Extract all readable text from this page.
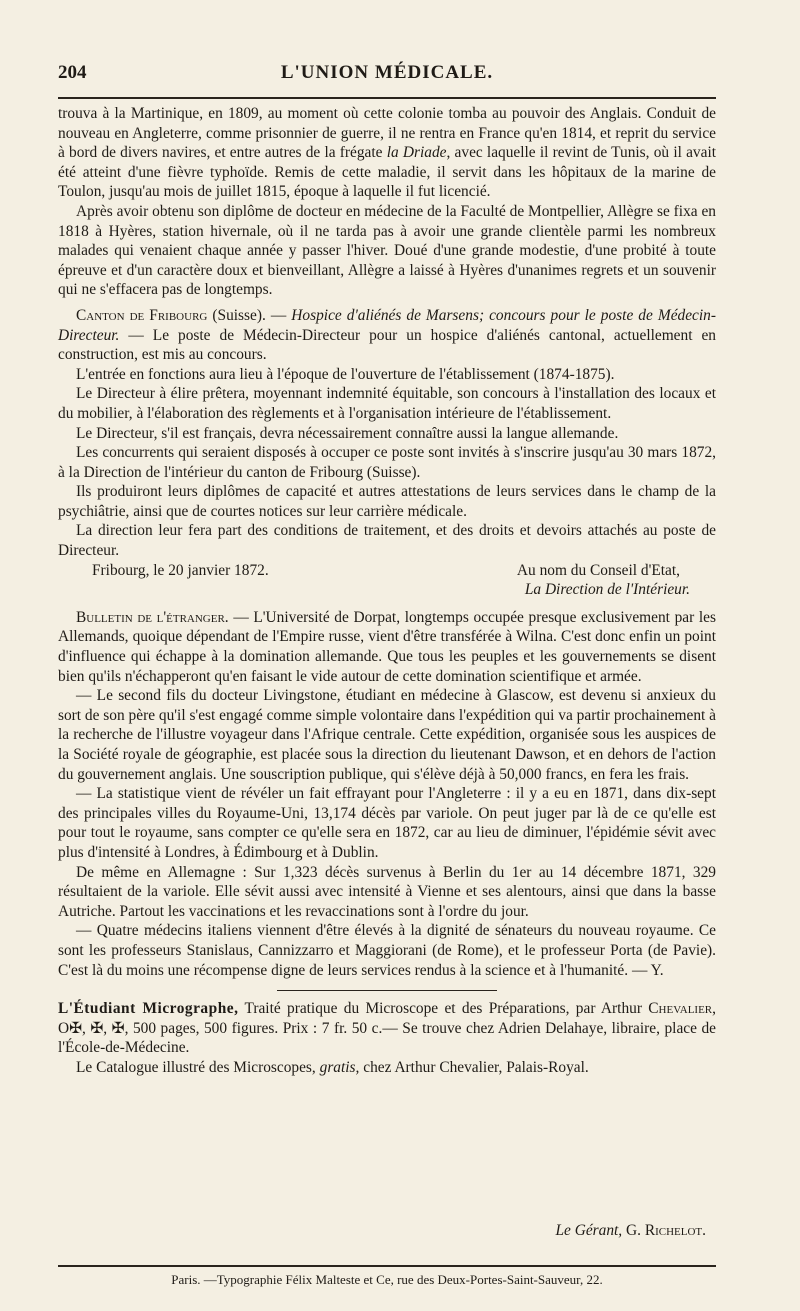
204	L'UNION MÉDICALE.

trouva à la Martinique, en 1809, au moment où cette colonie tomba au pouvoir des Anglais. Conduit de nouveau en Angleterre, comme prisonnier de guerre, il ne rentra en France qu'en 1814, et reprit du service à bord de divers navires, et entre autres de la frégate la Driade, avec laquelle il revint de Tunis, où il avait été atteint d'une fièvre typhoïde. Remis de cette maladie, il servit dans les hôpitaux de la marine de Toulon, jusqu'au mois de juillet 1815, époque à laquelle il fut licencié.

Après avoir obtenu son diplôme de docteur en médecine de la Faculté de Montpellier, Allègre se fixa en 1818 à Hyères, station hivernale, où il ne tarda pas à avoir une grande clientèle parmi les nombreux malades qui venaient chaque année y passer l'hiver. Doué d'une grande modestie, d'une probité à toute épreuve et d'un caractère doux et bienveillant, Allègre a laissé à Hyères d'unanimes regrets et un souvenir qui ne s'effacera pas de longtemps.

Canton de Fribourg (Suisse). — Hospice d'aliénés de Marsens; concours pour le poste de Médecin-Directeur. — Le poste de Médecin-Directeur pour un hospice d'aliénés cantonal, actuellement en construction, est mis au concours.

L'entrée en fonctions aura lieu à l'époque de l'ouverture de l'établissement (1874-1875).

Le Directeur à élire prêtera, moyennant indemnité équitable, son concours à l'installation des locaux et du mobilier, à l'élaboration des règlements et à l'organisation intérieure de l'établissement.

Le Directeur, s'il est français, devra nécessairement connaître aussi la langue allemande.

Les concurrents qui seraient disposés à occuper ce poste sont invités à s'inscrire jusqu'au 30 mars 1872, à la Direction de l'intérieur du canton de Fribourg (Suisse).

Ils produiront leurs diplômes de capacité et autres attestations de leurs services dans le champ de la psychiâtrie, ainsi que de courtes notices sur leur carrière médicale.

La direction leur fera part des conditions de traitement, et des droits et devoirs attachés au poste de Directeur.

Fribourg, le 20 janvier 1872.	Au nom du Conseil d'Etat,
La Direction de l'Intérieur.

Bulletin de l'étranger. — L'Université de Dorpat, longtemps occupée presque exclusivement par les Allemands, quoique dépendant de l'Empire russe, vient d'être transférée à Wilna. C'est donc enfin un point d'influence qui échappe à la domination allemande. Que tous les peuples et les gouvernements se disent bien qu'ils n'échapperont qu'en faisant le vide autour de cette domination scientifique et armée.

— Le second fils du docteur Livingstone, étudiant en médecine à Glascow, est devenu si anxieux du sort de son père qu'il s'est engagé comme simple volontaire dans l'expédition qui va partir prochainement à la recherche de l'illustre voyageur dans l'Afrique centrale. Cette expédition, organisée sous les auspices de la Société royale de géographie, est placée sous la direction du lieutenant Dawson, et en dehors de l'action du gouvernement anglais. Une souscription publique, qui s'élève déjà à 50,000 francs, en fera les frais.

— La statistique vient de révéler un fait effrayant pour l'Angleterre : il y a eu en 1871, dans dix-sept des principales villes du Royaume-Uni, 13,174 décès par variole. On peut juger par là de ce qu'elle est pour tout le royaume, sans compter ce qu'elle sera en 1872, car au lieu de diminuer, l'épidémie sévit avec plus d'intensité à Londres, à Édimbourg et à Dublin.

De même en Allemagne : Sur 1,323 décès survenus à Berlin du 1er au 14 décembre 1871, 329 résultaient de la variole. Elle sévit aussi avec intensité à Vienne et ses alentours, ainsi que dans la basse Autriche. Partout les vaccinations et les revaccinations sont à l'ordre du jour.

— Quatre médecins italiens viennent d'être élevés à la dignité de sénateurs du nouveau royaume. Ce sont les professeurs Stanislaus, Cannizzarro et Maggiorani (de Rome), et le professeur Porta (de Pavie). C'est là du moins une récompense digne de leurs services rendus à la science et à l'humanité. — Y.

L'Étudiant Micrographe, Traité pratique du Microscope et des Préparations, par Arthur Chevalier, O✠, ✠, ✠, 500 pages, 500 figures. Prix : 7 fr. 50 c.— Se trouve chez Adrien Delahaye, libraire, place de l'École-de-Médecine.

Le Catalogue illustré des Microscopes, gratis, chez Arthur Chevalier, Palais-Royal.

Le Gérant, G. Richelot.
Paris. —Typographie Félix Malteste et Ce, rue des Deux-Portes-Saint-Sauveur, 22.
